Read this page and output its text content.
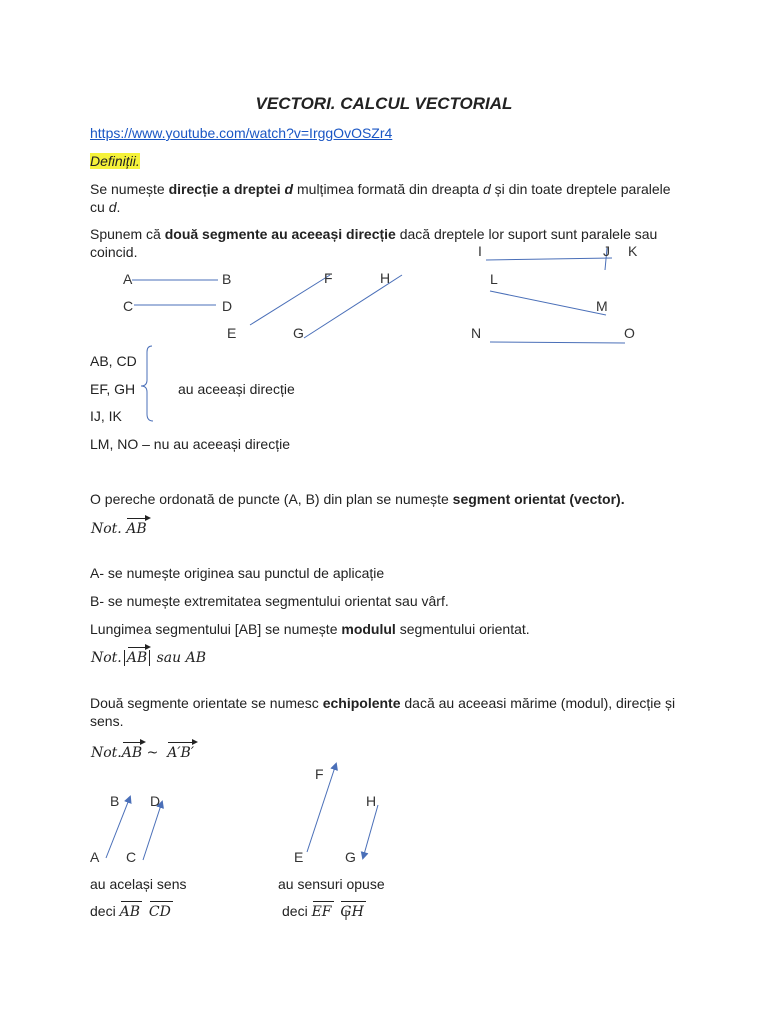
VECTORI. CALCUL VECTORIAL
https://www.youtube.com/watch?v=IrggOvOSZr4
Definiții.
Se numește direcție a dreptei d mulțimea formată din dreapta d și din toate dreptele paralele cu d.
Spunem că două segmente au aceeași direcție dacă dreptele lor suport sunt paralele sau coincid.
A	B
C	D
E
F
G
H
I	J K
L
M
N	O
AB, CD
EF, GH
IJ, IK
au aceeași direcție
LM, NO – nu au aceeași direcție
O pereche ordonată de puncte (A, B) din plan se numește segment orientat (vector).
Not. AB
A- se numește originea sau punctul de aplicație
B- se numește extremitatea segmentului orientat sau vârf.
Lungimea segmentului [AB] se numește modulul segmentului orientat.
Not. AB sau AB
Două segmente orientate se numesc echipolente dacă au aceeasi mărime (modul), direcție și sens.
Not.AB ~ A′B′
B D
A C
F
H
E	G
au același sens	au sensuri opuse
deci AB CD	deci EF GH
